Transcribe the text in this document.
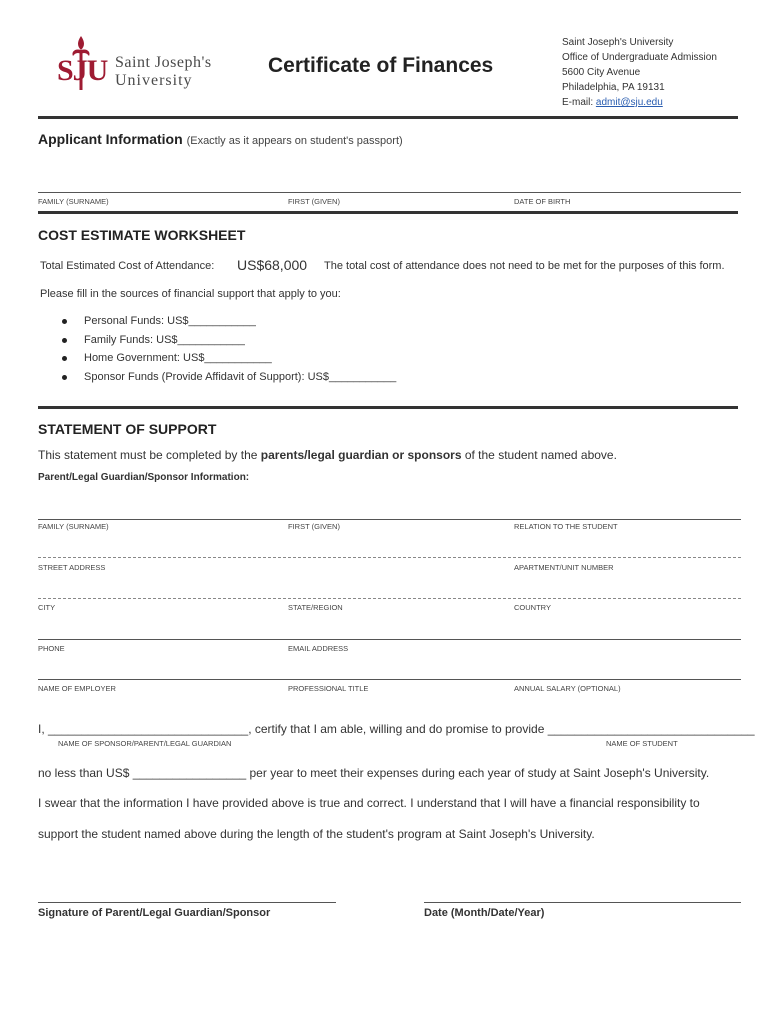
SJU Saint Joseph's
University
Certificate of Finances
Saint Joseph's University
Office of Undergraduate Admission
5600 City Avenue
Philadelphia, PA 19131
E-mail: admit@sju.edu
Applicant Information (Exactly as it appears on student's passport)
FAMILY (SURNAME)	FIRST (GIVEN)	DATE OF BIRTH
COST ESTIMATE WORKSHEET
Total Estimated Cost of Attendance: US$68,000 The total cost of attendance does not need to be met for the purposes of this form.
Please fill in the sources of financial support that apply to you:
Personal Funds: US$___________
Family Funds: US$___________
Home Government: US$___________
Sponsor Funds (Provide Affidavit of Support): US$___________
STATEMENT OF SUPPORT
This statement must be completed by the parents/legal guardian or sponsors of the student named above.
Parent/Legal Guardian/Sponsor Information:
FAMILY (SURNAME)	FIRST (GIVEN)	RELATION TO THE STUDENT
STREET ADDRESS	APARTMENT/UNIT NUMBER
CITY	STATE/REGION	COUNTRY
PHONE	EMAIL ADDRESS
NAME OF EMPLOYER	PROFESSIONAL TITLE	ANNUAL SALARY (OPTIONAL)
I, ______________________________, certify that I am able, willing and do promise to provide _______________________________
NAME OF SPONSOR/PARENT/LEGAL GUARDIAN	NAME OF STUDENT
no less than US$ _________________ per year to meet their expenses during each year of study at Saint Joseph's University.
I swear that the information I have provided above is true and correct. I understand that I will have a financial responsibility to
support the student named above during the length of the student's program at Saint Joseph's University.
Signature of Parent/Legal Guardian/Sponsor	Date (Month/Date/Year)
